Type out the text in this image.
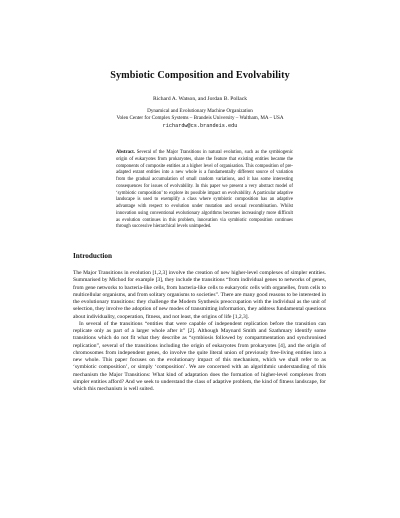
Symbiotic Composition and Evolvability
Richard A. Watson, and Jordan B. Pollack
Dynamical and Evolutionary Machine Organization
Volen Center for Complex Systems – Brandeis University – Waltham, MA – USA
richardw@cs.brandeis.edu

Abstract. Several of the Major Transitions in natural evolution, such as the symbiogenic origin of eukaryotes from prokaryotes, share the feature that existing entities became the components of composite entities at a higher level of organisation. This composition of pre-adapted extant entities into a new whole is a fundamentally different source of variation from the gradual accumulation of small random variations, and it has some interesting consequences for issues of evolvability. In this paper we present a very abstract model of ‘symbiotic composition’ to explore its possible impact on evolvability. A particular adaptive landscape is used to exemplify a class where symbiotic composition has an adaptive advantage with respect to evolution under mutation and sexual recombination. Whilst innovation using conventional evolutionary algorithms becomes increasingly more difficult as evolution continues in this problem, innovation via symbiotic composition continues through successive hierarchical levels unimpeded.

Introduction

The Major Transitions in evolution [1,2,3] involve the creation of new higher-level complexes of simpler entities. Summarised by Michod for example [3], they include the transitions “from individual genes to networks of genes, from gene networks to bacteria-like cells, from bacteria-like cells to eukaryotic cells with organelles, from cells to multicellular organisms, and from solitary organisms to societies”. There are many good reasons to be interested in the evolutionary transitions: they challenge the Modern Synthesis preoccupation with the individual as the unit of selection, they involve the adoption of new modes of transmitting information, they address fundamental questions about individuality, cooperation, fitness, and not least, the origins of life [1,2,3].

In several of the transitions “entities that were capable of independent replication before the transition can replicate only as part of a larger whole after it” [2]. Although Maynard Smith and Szathmary identify some transitions which do not fit what they describe as “symbiosis followed by compartmentation and synchronised replication”, several of the transitions including the origin of eukaryotes from prokaryotes [4], and the origin of chromosomes from independent genes, do involve the quite literal union of previously free-living entities into a new whole. This paper focuses on the evolutionary impact of this mechanism, which we shall refer to as ‘symbiotic composition’, or simply ‘composition’. We are concerned with an algorithmic understanding of this mechanism the Major Transitions: What kind of adaptation does the formation of higher-level complexes from simpler entities afford? And we seek to understand the class of adaptive problem, the kind of fitness landscape, for which this mechanism is well suited.
